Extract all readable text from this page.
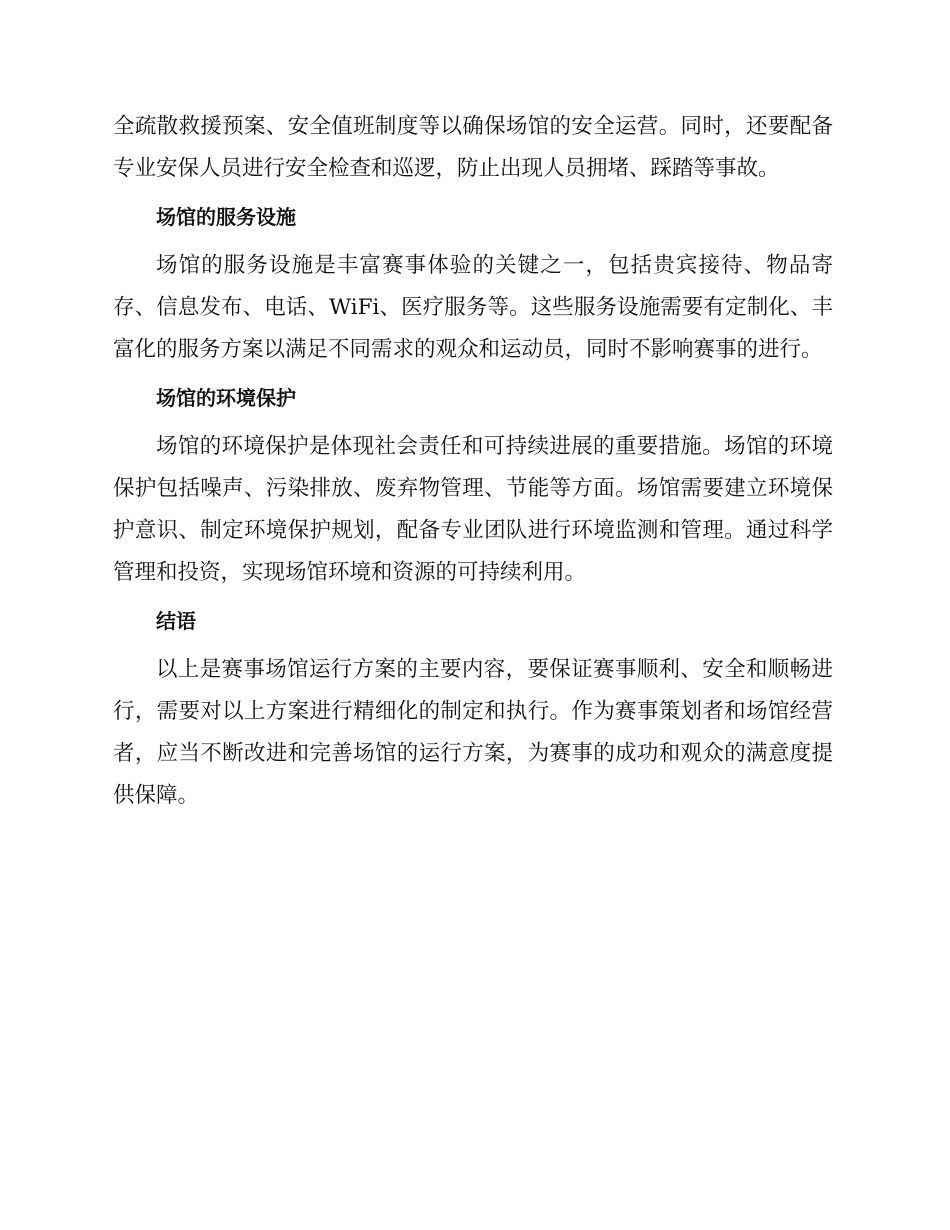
全疏散救援预案、安全值班制度等以确保场馆的安全运营。同时，还要配备专业安保人员进行安全检查和巡逻，防止出现人员拥堵、踩踏等事故。

场馆的服务设施

场馆的服务设施是丰富赛事体验的关键之一，包括贵宾接待、物品寄存、信息发布、电话、WiFi、医疗服务等。这些服务设施需要有定制化、丰富化的服务方案以满足不同需求的观众和运动员，同时不影响赛事的进行。

场馆的环境保护

场馆的环境保护是体现社会责任和可持续进展的重要措施。场馆的环境保护包括噪声、污染排放、废弃物管理、节能等方面。场馆需要建立环境保护意识、制定环境保护规划，配备专业团队进行环境监测和管理。通过科学管理和投资，实现场馆环境和资源的可持续利用。

结语

以上是赛事场馆运行方案的主要内容，要保证赛事顺利、安全和顺畅进行，需要对以上方案进行精细化的制定和执行。作为赛事策划者和场馆经营者，应当不断改进和完善场馆的运行方案，为赛事的成功和观众的满意度提供保障。
